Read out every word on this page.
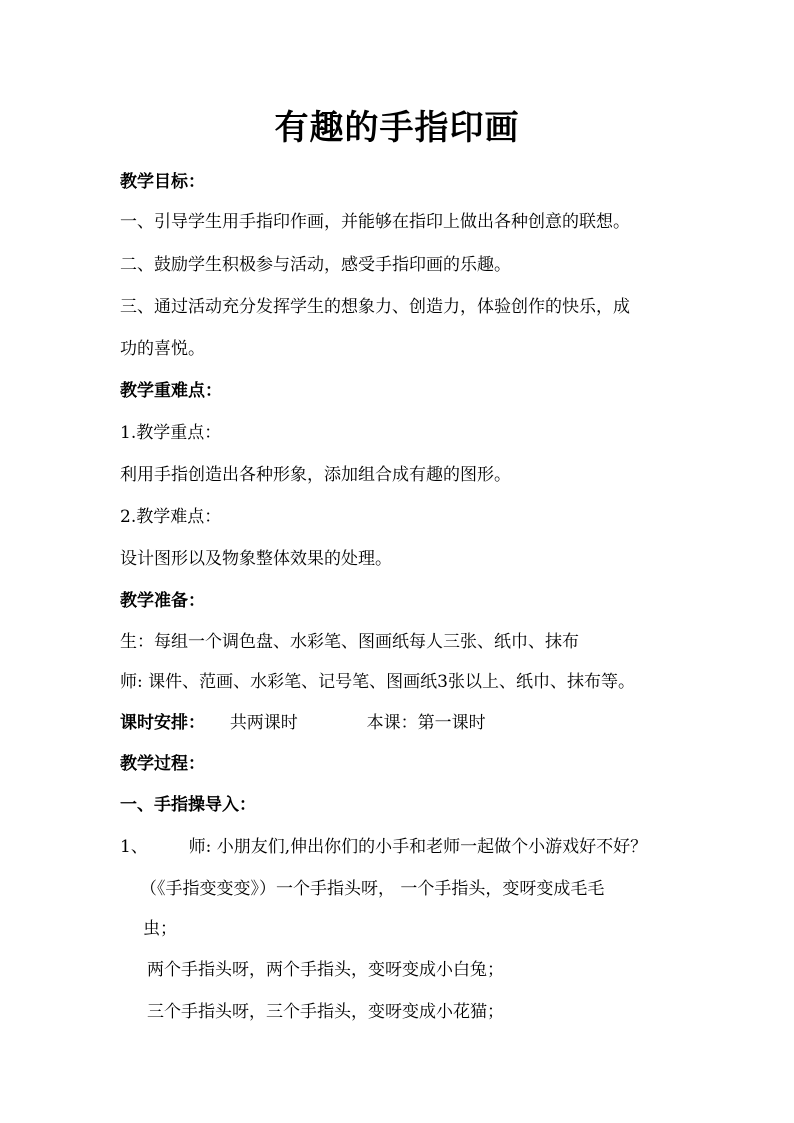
有趣的手指印画
教学目标：
一、引导学生用手指印作画，并能够在指印上做出各种创意的联想。
二、鼓励学生积极参与活动，感受手指印画的乐趣。
三、通过活动充分发挥学生的想象力、创造力，体验创作的快乐，成
功的喜悦。
教学重难点：
1.教学重点：
利用手指创造出各种形象，添加组合成有趣的图形。
2.教学难点：
设计图形以及物象整体效果的处理。
教学准备：
生：每组一个调色盘、水彩笔、图画纸每人三张、纸巾、抹布
师: 课件、范画、水彩笔、记号笔、图画纸3张以上、纸巾、抹布等。
课时安排： 共两课时	本课：第一课时
教学过程：
一、手指操导入：
1、 师: 小朋友们,伸出你们的小手和老师一起做个小游戏好不好？
（《手指变变变》）一个手指头呀， 一个手指头，变呀变成毛毛
虫；
两个手指头呀，两个手指头，变呀变成小白兔；
三个手指头呀，三个手指头，变呀变成小花猫；
